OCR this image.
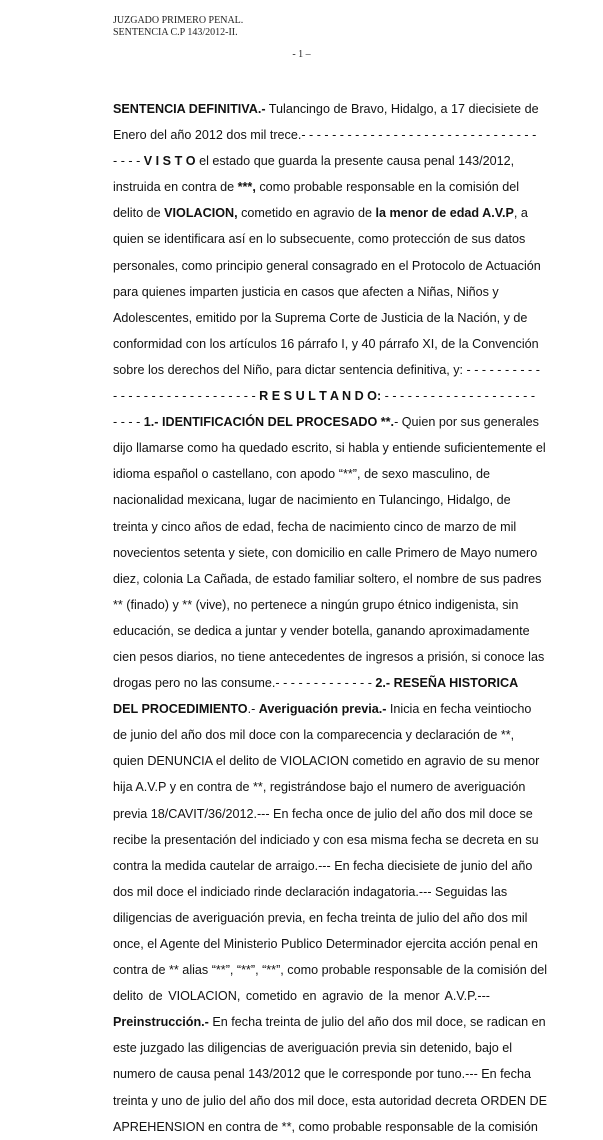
JUZGADO PRIMERO PENAL.
SENTENCIA C.P 143/2012-II.
- 1 –
SENTENCIA DEFINITIVA.- Tulancingo de Bravo, Hidalgo, a 17 diecisiete de
Enero del año 2012 dos mil trece.- - - - - - - - - - - - - - - - - - - - - - - - - - - - - - -
- - - - V I S T O el estado que guarda la presente causa penal 143/2012,
instruida en contra de ***, como probable responsable en la comisión del
delito de VIOLACION, cometido en agravio de la menor de edad A.V.P, a
quien se identificara así en lo subsecuente, como protección de sus datos
personales, como principio general consagrado en el Protocolo de Actuación
para quienes imparten justicia en casos que afecten a Niñas, Niños y
Adolescentes, emitido por la Suprema Corte de Justicia de la Nación, y de
conformidad con los artículos 16 párrafo I, y 40 párrafo XI, de la Convención
sobre los derechos del Niño, para dictar sentencia definitiva, y: - - - - - - - - - -
- - - - - - - - - - - - - - - - - - - R E S U L T A N D O: - - - - - - - - - - - - - - - - - - - -
- - - - 1.- IDENTIFICACIÓN DEL PROCESADO **.- Quien por sus generales
dijo llamarse como ha quedado escrito, si habla y entiende suficientemente el
idioma español o castellano, con apodo “**”, de sexo masculino, de
nacionalidad mexicana, lugar de nacimiento en Tulancingo, Hidalgo, de
treinta y cinco años de edad, fecha de nacimiento cinco de marzo de mil
novecientos setenta y siete, con domicilio en calle Primero de Mayo numero
diez, colonia La Cañada, de estado familiar soltero, el nombre de sus padres
** (finado) y ** (vive), no pertenece a ningún grupo étnico indigenista, sin
educación, se dedica a juntar y vender botella, ganando aproximadamente
cien pesos diarios, no tiene antecedentes de ingresos a prisión, si conoce las
drogas pero no las consume.- - - - - - - - - - - - - 2.- RESEÑA HISTORICA
DEL PROCEDIMIENTO.- Averiguación previa.- Inicia en fecha veintiocho
de junio del año dos mil doce con la comparecencia y declaración de **,
quien DENUNCIA el delito de VIOLACION cometido en agravio de su menor
hija A.V.P y en contra de **, registrándose bajo el numero de averiguación
previa 18/CAVIT/36/2012.--- En fecha once de julio del año dos mil doce se
recibe la presentación del indiciado y con esa misma fecha se decreta en su
contra la medida cautelar de arraigo.--- En fecha diecisiete de junio del año
dos mil doce el indiciado rinde declaración indagatoria.--- Seguidas las
diligencias de averiguación previa, en fecha treinta de julio del año dos mil
once, el Agente del Ministerio Publico Determinador ejercita acción penal en
contra de ** alias “**”, “**”, “**”, como probable responsable de la comisión del
delito de VIOLACION, cometido en agravio de la menor A.V.P.---
Preinstrucción.- En fecha treinta de julio del año dos mil doce, se radican en
este juzgado las diligencias de averiguación previa sin detenido, bajo el
numero de causa penal 143/2012 que le corresponde por tuno.--- En fecha
treinta y uno de julio del año dos mil doce, esta autoridad decreta ORDEN DE
APREHENSION en contra de **, como probable responsable de la comisión
